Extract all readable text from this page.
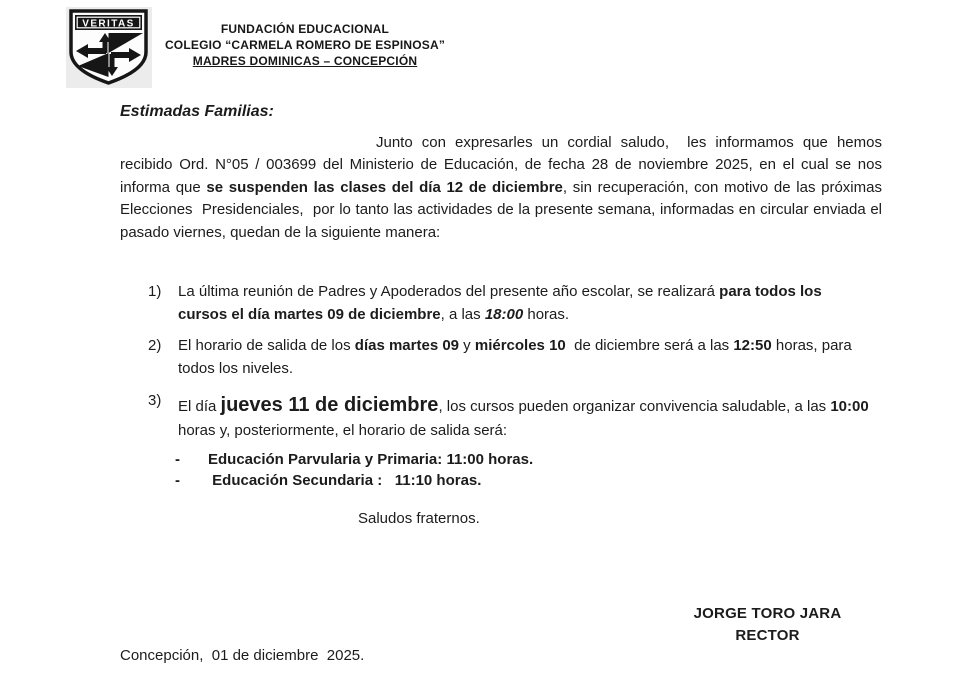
VERITAS	FUNDACIÓN EDUCACIONAL
COLEGIO “CARMELA ROMERO DE ESPINOSA”
MADRES DOMINICAS – CONCEPCIÓN
Estimadas Familias:
Junto con expresarles un cordial saludo,  les informamos que hemos recibido Ord. N°05 / 003699 del Ministerio de Educación, de fecha 28 de noviembre 2025, en el cual se nos informa que se suspenden las clases del día 12 de diciembre, sin recuperación, con motivo de las próximas Elecciones  Presidenciales,  por lo tanto las actividades de la presente semana, informadas en circular enviada el pasado viernes, quedan de la siguiente manera:
1) La última reunión de Padres y Apoderados del presente año escolar, se realizará para todos los cursos el día martes 09 de diciembre, a las 18:00 horas.
2) El horario de salida de los días martes 09 y miércoles 10  de diciembre será a las 12:50 horas, para todos los niveles.
3) El día jueves 11 de diciembre, los cursos pueden organizar convivencia saludable, a las 10:00 horas y, posteriormente, el horario de salida será:
- Educación Parvularia y Primaria: 11:00 horas.
- Educación Secundaria :   11:10 horas.
Saludos fraternos.
JORGE TORO JARA
RECTOR
Concepción,  01 de diciembre  2025.
